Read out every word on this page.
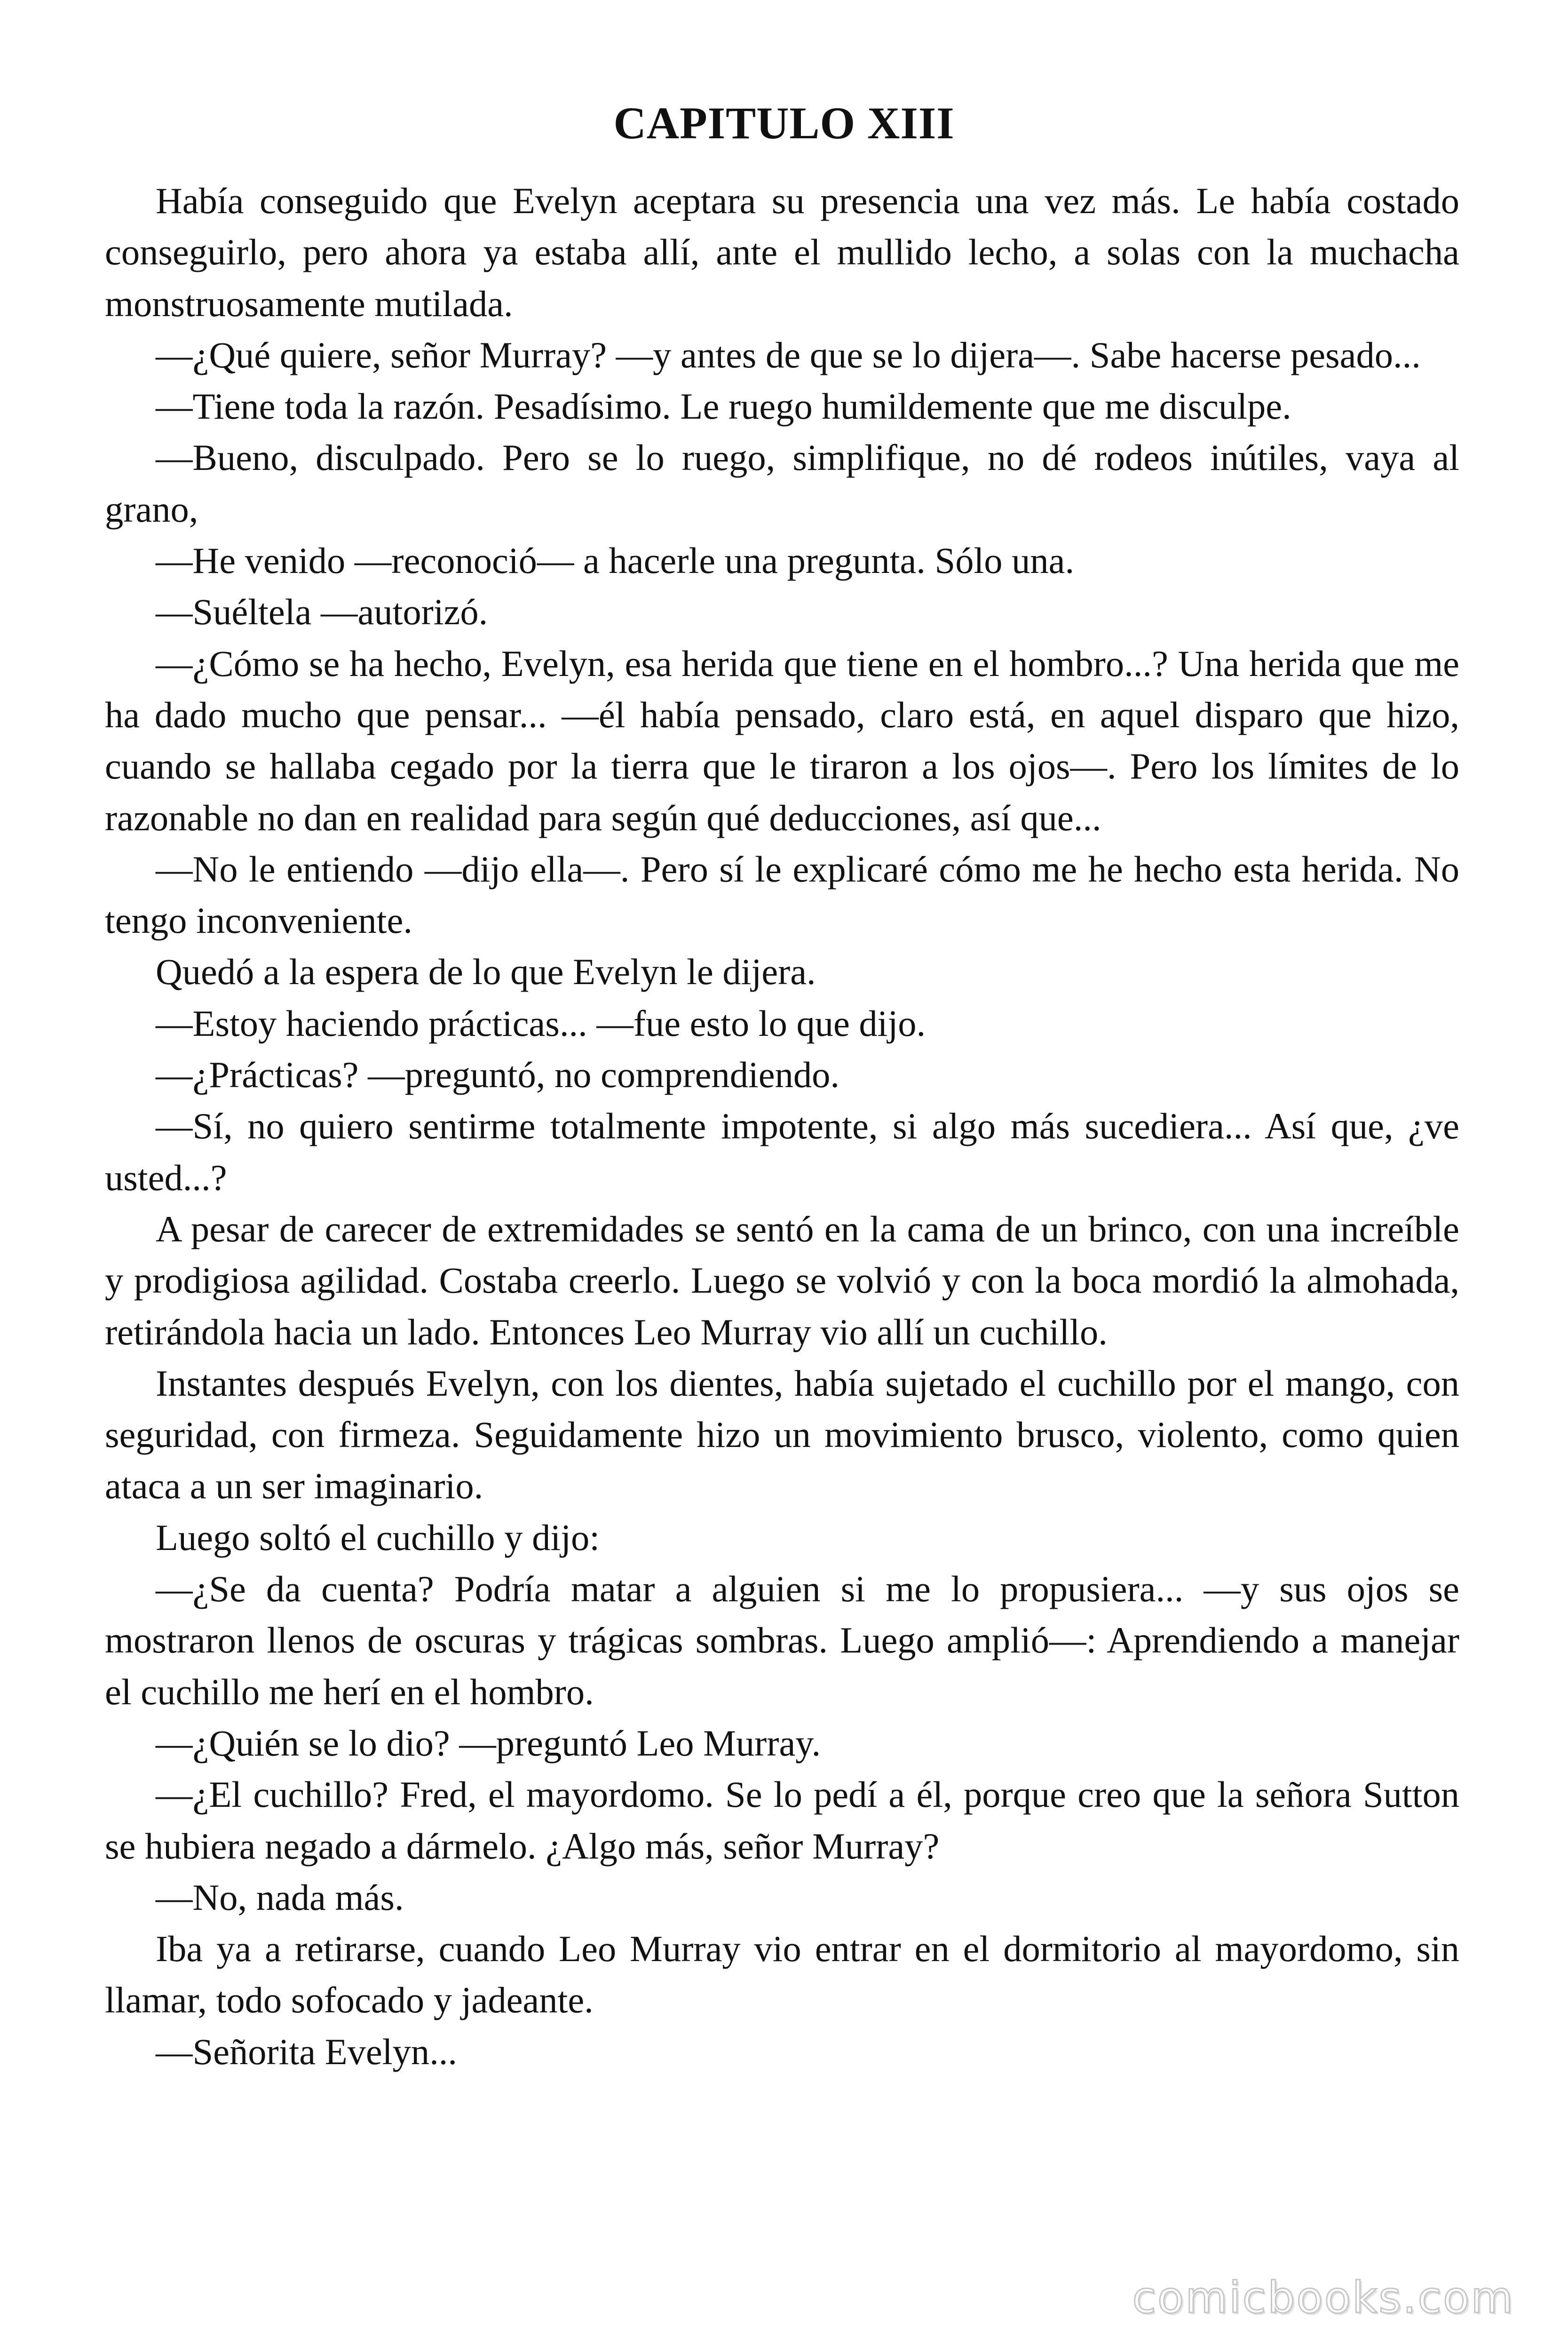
CAPITULO XIII

Había conseguido que Evelyn aceptara su presencia una vez más. Le había costado conseguirlo, pero ahora ya estaba allí, ante el mullido lecho, a solas con la muchacha monstruosamente mutilada.

—¿Qué quiere, señor Murray? —y antes de que se lo dijera—. Sabe hacerse pesado...

—Tiene toda la razón. Pesadísimo. Le ruego humildemente que me disculpe.

—Bueno, disculpado. Pero se lo ruego, simplifique, no dé rodeos inútiles, vaya al grano,

—He venido —reconoció— a hacerle una pregunta. Sólo una.

—Suéltela —autorizó.

—¿Cómo se ha hecho, Evelyn, esa herida que tiene en el hombro...? Una herida que me ha dado mucho que pensar... —él había pensado, claro está, en aquel disparo que hizo, cuando se hallaba cegado por la tierra que le tiraron a los ojos—. Pero los límites de lo razonable no dan en realidad para según qué deducciones, así que...

—No le entiendo —dijo ella—. Pero sí le explicaré cómo me he hecho esta herida. No tengo inconveniente.

Quedó a la espera de lo que Evelyn le dijera.

—Estoy haciendo prácticas... —fue esto lo que dijo.

—¿Prácticas? —preguntó, no comprendiendo.

—Sí, no quiero sentirme totalmente impotente, si algo más sucediera... Así que, ¿ve usted...?

A pesar de carecer de extremidades se sentó en la cama de un brinco, con una increíble y prodigiosa agilidad. Costaba creerlo. Luego se volvió y con la boca mordió la almohada, retirándola hacia un lado. Entonces Leo Murray vio allí un cuchillo.

Instantes después Evelyn, con los dientes, había sujetado el cuchillo por el mango, con seguridad, con firmeza. Seguidamente hizo un movimiento brusco, violento, como quien ataca a un ser imaginario.

Luego soltó el cuchillo y dijo:

—¿Se da cuenta? Podría matar a alguien si me lo propusiera... —y sus ojos se mostraron llenos de oscuras y trágicas sombras. Luego amplió—: Aprendiendo a manejar el cuchillo me herí en el hombro.

—¿Quién se lo dio? —preguntó Leo Murray.

—¿El cuchillo? Fred, el mayordomo. Se lo pedí a él, porque creo que la señora Sutton se hubiera negado a dármelo. ¿Algo más, señor Murray?

—No, nada más.

Iba ya a retirarse, cuando Leo Murray vio entrar en el dormitorio al mayordomo, sin llamar, todo sofocado y jadeante.

—Señorita Evelyn...

comicbooks.com
